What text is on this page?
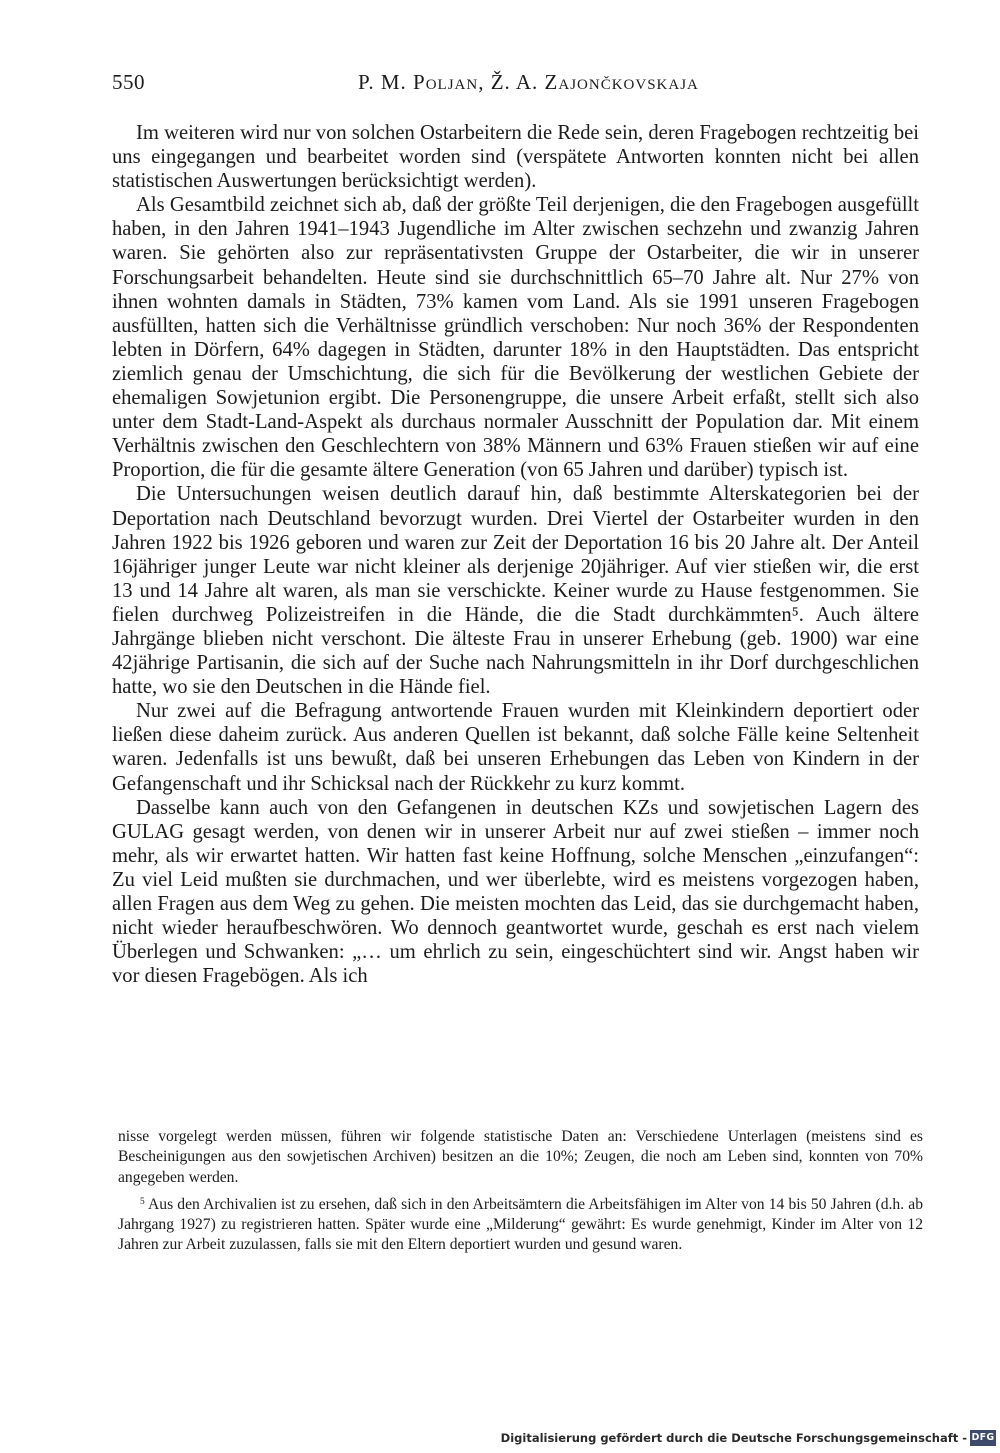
550	P. M. Poljan, Ž. A. Zajončkovskaja

Im weiteren wird nur von solchen Ostarbeitern die Rede sein, deren Fragebogen rechtzeitig bei uns eingegangen und bearbeitet worden sind (verspätete Antworten konnten nicht bei allen statistischen Auswertungen berücksichtigt werden).

Als Gesamtbild zeichnet sich ab, daß der größte Teil derjenigen, die den Fragebogen ausgefüllt haben, in den Jahren 1941–1943 Jugendliche im Alter zwischen sechzehn und zwanzig Jahren waren. Sie gehörten also zur repräsentativsten Gruppe der Ostarbeiter, die wir in unserer Forschungsarbeit behandelten. Heute sind sie durchschnittlich 65–70 Jahre alt. Nur 27% von ihnen wohnten damals in Städten, 73% kamen vom Land. Als sie 1991 unseren Fragebogen ausfüllten, hatten sich die Verhältnisse gründlich verschoben: Nur noch 36% der Respondenten lebten in Dörfern, 64% dagegen in Städten, darunter 18% in den Hauptstädten. Das entspricht ziemlich genau der Umschichtung, die sich für die Bevölkerung der westlichen Gebiete der ehemaligen Sowjetunion ergibt. Die Personengruppe, die unsere Arbeit erfaßt, stellt sich also unter dem Stadt-Land-Aspekt als durchaus normaler Ausschnitt der Population dar. Mit einem Verhältnis zwischen den Geschlechtern von 38% Männern und 63% Frauen stießen wir auf eine Proportion, die für die gesamte ältere Generation (von 65 Jahren und darüber) typisch ist.

Die Untersuchungen weisen deutlich darauf hin, daß bestimmte Alterskategorien bei der Deportation nach Deutschland bevorzugt wurden. Drei Viertel der Ostarbeiter wurden in den Jahren 1922 bis 1926 geboren und waren zur Zeit der Deportation 16 bis 20 Jahre alt. Der Anteil 16jähriger junger Leute war nicht kleiner als derjenige 20jähriger. Auf vier stießen wir, die erst 13 und 14 Jahre alt waren, als man sie verschickte. Keiner wurde zu Hause festgenommen. Sie fielen durchweg Polizeistreifen in die Hände, die die Stadt durchkämmten⁵. Auch ältere Jahrgänge blieben nicht verschont. Die älteste Frau in unserer Erhebung (geb. 1900) war eine 42jährige Partisanin, die sich auf der Suche nach Nahrungsmitteln in ihr Dorf durchgeschlichen hatte, wo sie den Deutschen in die Hände fiel.

Nur zwei auf die Befragung antwortende Frauen wurden mit Kleinkindern deportiert oder ließen diese daheim zurück. Aus anderen Quellen ist bekannt, daß solche Fälle keine Seltenheit waren. Jedenfalls ist uns bewußt, daß bei unseren Erhebungen das Leben von Kindern in der Gefangenschaft und ihr Schicksal nach der Rückkehr zu kurz kommt.

Dasselbe kann auch von den Gefangenen in deutschen KZs und sowjetischen Lagern des GULAG gesagt werden, von denen wir in unserer Arbeit nur auf zwei stießen – immer noch mehr, als wir erwartet hatten. Wir hatten fast keine Hoffnung, solche Menschen „einzufangen“: Zu viel Leid mußten sie durchmachen, und wer überlebte, wird es meistens vorgezogen haben, allen Fragen aus dem Weg zu gehen. Die meisten mochten das Leid, das sie durchgemacht haben, nicht wieder heraufbeschwören. Wo dennoch geantwortet wurde, geschah es erst nach vielem Überlegen und Schwanken: „… um ehrlich zu sein, eingeschüchtert sind wir. Angst haben wir vor diesen Fragebögen. Als ich

nisse vorgelegt werden müssen, führen wir folgende statistische Daten an: Verschiedene Unterlagen (meistens sind es Bescheinigungen aus den sowjetischen Archiven) besitzen an die 10%; Zeugen, die noch am Leben sind, konnten von 70% angegeben werden.

$^5$ Aus den Archivalien ist zu ersehen, daß sich in den Arbeitsämtern die Arbeitsfähigen im Alter von 14 bis 50 Jahren (d.h. ab Jahrgang 1927) zu registrieren hatten. Später wurde eine „Milderung“ gewährt: Es wurde genehmigt, Kinder im Alter von 12 Jahren zur Arbeit zuzulassen, falls sie mit den Eltern deportiert wurden und gesund waren.

Digitalisierung gefördert durch die Deutsche Forschungsgemeinschaft - DFG
